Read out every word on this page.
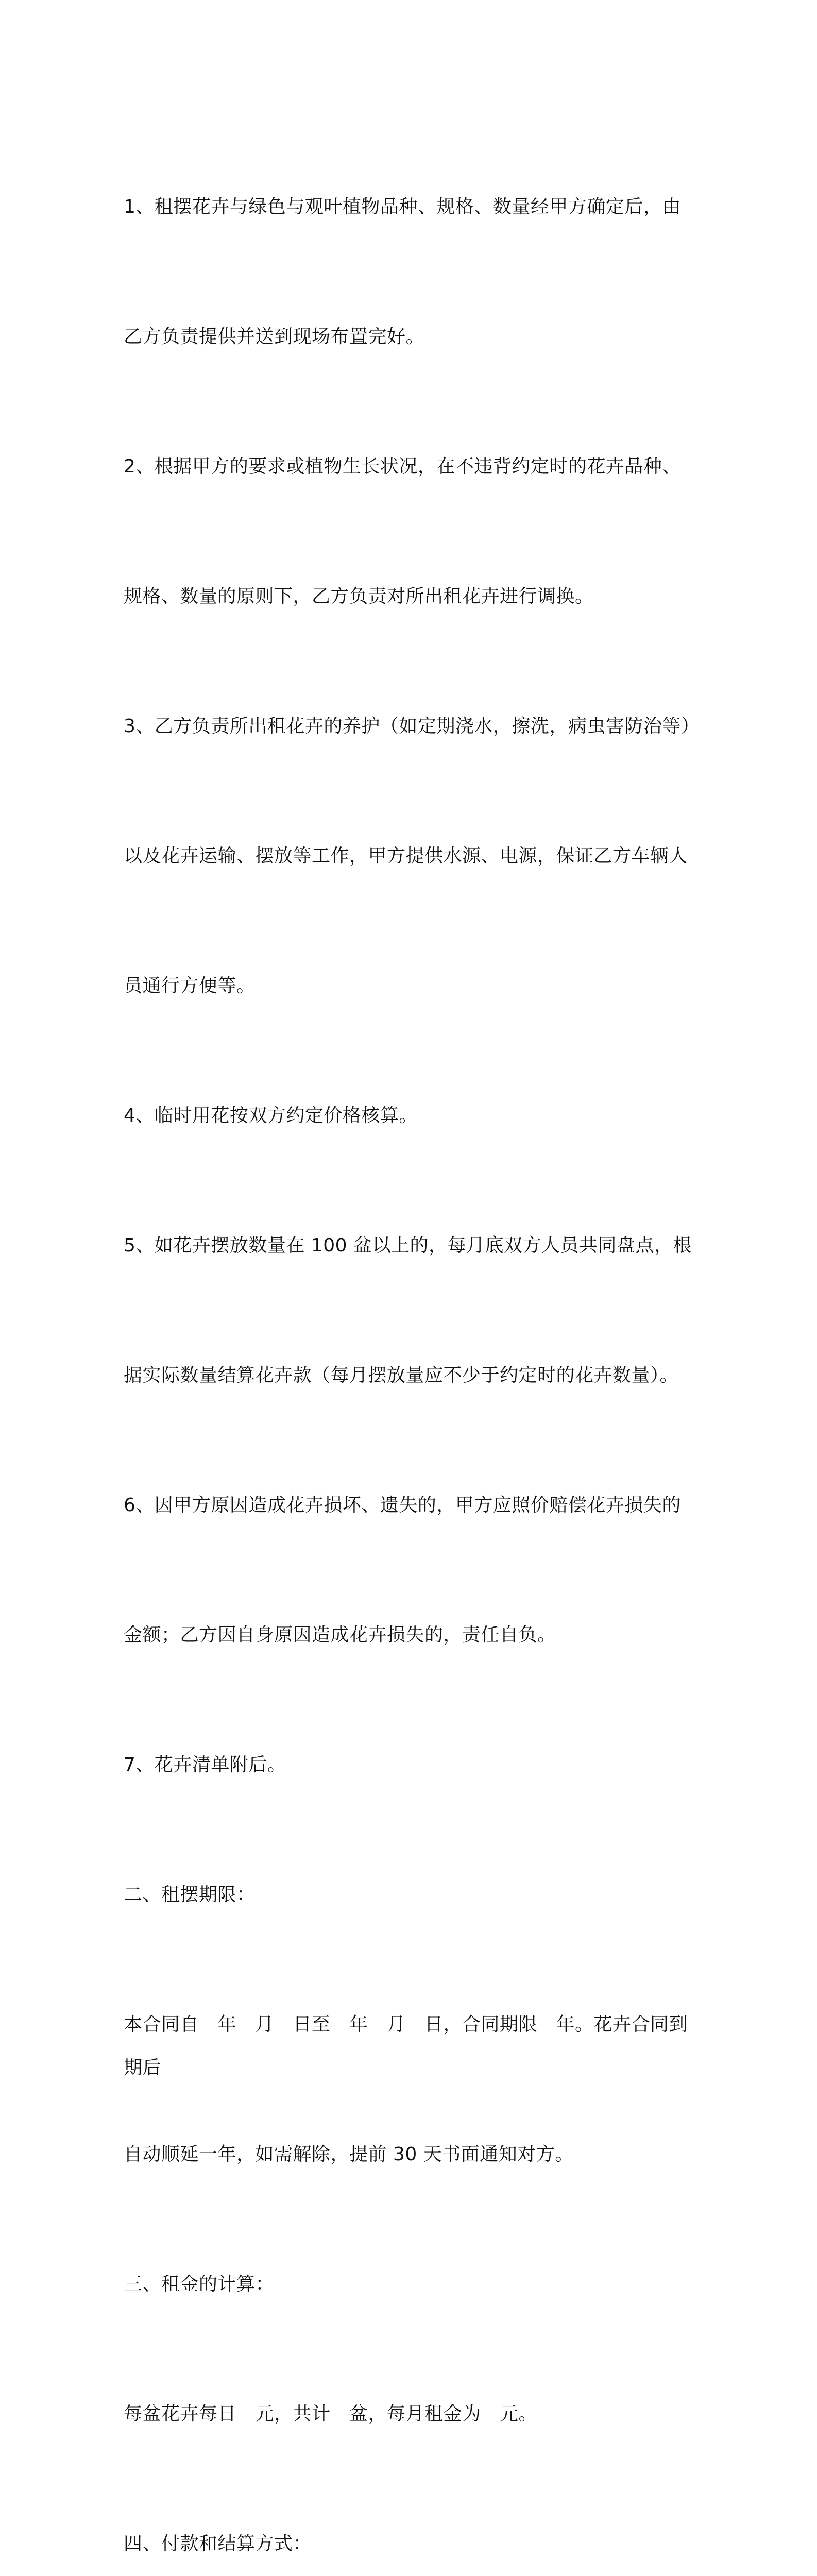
1、租摆花卉与绿色与观叶植物品种、规格、数量经甲方确定后，由

乙方负责提供并送到现场布置完好。

2、根据甲方的要求或植物生长状况，在不违背约定时的花卉品种、

规格、数量的原则下，乙方负责对所出租花卉进行调换。

3、乙方负责所出租花卉的养护（如定期浇水，擦洗，病虫害防治等）

以及花卉运输、摆放等工作，甲方提供水源、电源，保证乙方车辆人

员通行方便等。

4、临时用花按双方约定价格核算。

5、如花卉摆放数量在 100 盆以上的，每月底双方人员共同盘点，根

据实际数量结算花卉款（每月摆放量应不少于约定时的花卉数量）。

6、因甲方原因造成花卉损坏、遗失的，甲方应照价赔偿花卉损失的

金额；乙方因自身原因造成花卉损失的，责任自负。

7、花卉清单附后。

二、租摆期限：

本合同自　年　月　日至　年　月　日，合同期限　年。花卉合同到期后

自动顺延一年，如需解除，提前 30 天书面通知对方。

三、租金的计算：

每盆花卉每日　元，共计　盆，每月租金为　元。

四、付款和结算方式：
